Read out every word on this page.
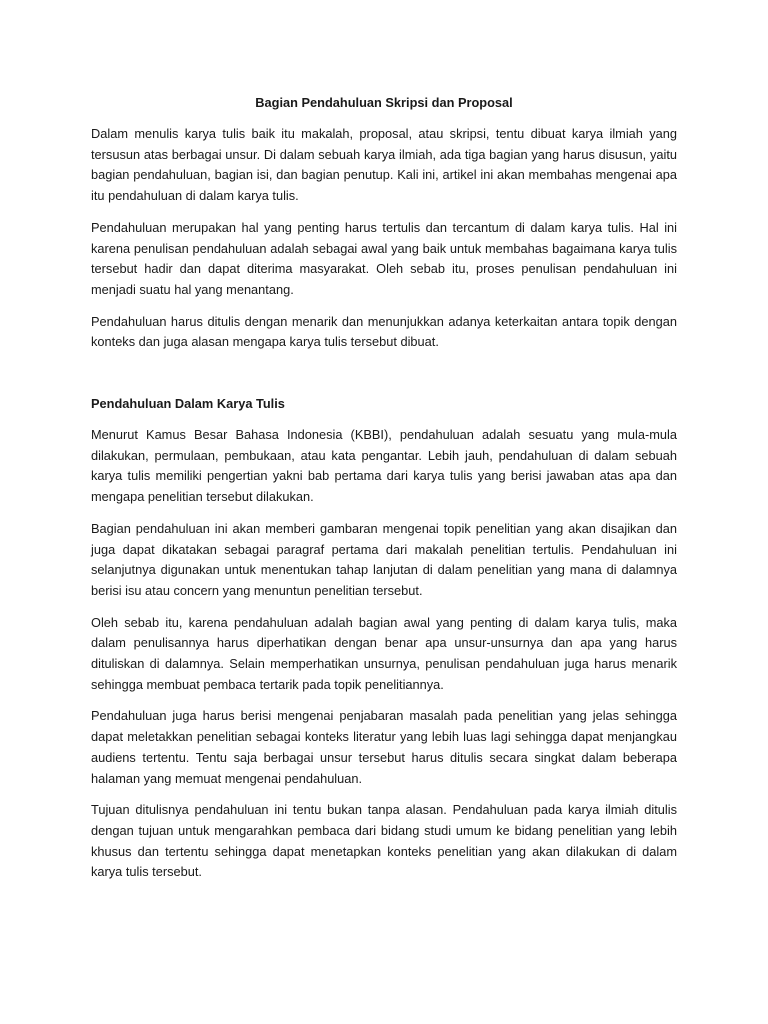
Bagian Pendahuluan Skripsi dan Proposal

Dalam menulis karya tulis baik itu makalah, proposal, atau skripsi, tentu dibuat karya ilmiah yang tersusun atas berbagai unsur. Di dalam sebuah karya ilmiah, ada tiga bagian yang harus disusun, yaitu bagian pendahuluan, bagian isi, dan bagian penutup. Kali ini, artikel ini akan membahas mengenai apa itu pendahuluan di dalam karya tulis.

Pendahuluan merupakan hal yang penting harus tertulis dan tercantum di dalam karya tulis. Hal ini karena penulisan pendahuluan adalah sebagai awal yang baik untuk membahas bagaimana karya tulis tersebut hadir dan dapat diterima masyarakat. Oleh sebab itu, proses penulisan pendahuluan ini menjadi suatu hal yang menantang.

Pendahuluan harus ditulis dengan menarik dan menunjukkan adanya keterkaitan antara topik dengan konteks dan juga alasan mengapa karya tulis tersebut dibuat.

Pendahuluan Dalam Karya Tulis

Menurut Kamus Besar Bahasa Indonesia (KBBI), pendahuluan adalah sesuatu yang mula-mula dilakukan, permulaan, pembukaan, atau kata pengantar. Lebih jauh, pendahuluan di dalam sebuah karya tulis memiliki pengertian yakni bab pertama dari karya tulis yang berisi jawaban atas apa dan mengapa penelitian tersebut dilakukan.

Bagian pendahuluan ini akan memberi gambaran mengenai topik penelitian yang akan disajikan dan juga dapat dikatakan sebagai paragraf pertama dari makalah penelitian tertulis. Pendahuluan ini selanjutnya digunakan untuk menentukan tahap lanjutan di dalam penelitian yang mana di dalamnya berisi isu atau concern yang menuntun penelitian tersebut.

Oleh sebab itu, karena pendahuluan adalah bagian awal yang penting di dalam karya tulis, maka dalam penulisannya harus diperhatikan dengan benar apa unsur-unsurnya dan apa yang harus dituliskan di dalamnya. Selain memperhatikan unsurnya, penulisan pendahuluan juga harus menarik sehingga membuat pembaca tertarik pada topik penelitiannya.

Pendahuluan juga harus berisi mengenai penjabaran masalah pada penelitian yang jelas sehingga dapat meletakkan penelitian sebagai konteks literatur yang lebih luas lagi sehingga dapat menjangkau audiens tertentu. Tentu saja berbagai unsur tersebut harus ditulis secara singkat dalam beberapa halaman yang memuat mengenai pendahuluan.

Tujuan ditulisnya pendahuluan ini tentu bukan tanpa alasan. Pendahuluan pada karya ilmiah ditulis dengan tujuan untuk mengarahkan pembaca dari bidang studi umum ke bidang penelitian yang lebih khusus dan tertentu sehingga dapat menetapkan konteks penelitian yang akan dilakukan di dalam karya tulis tersebut.
